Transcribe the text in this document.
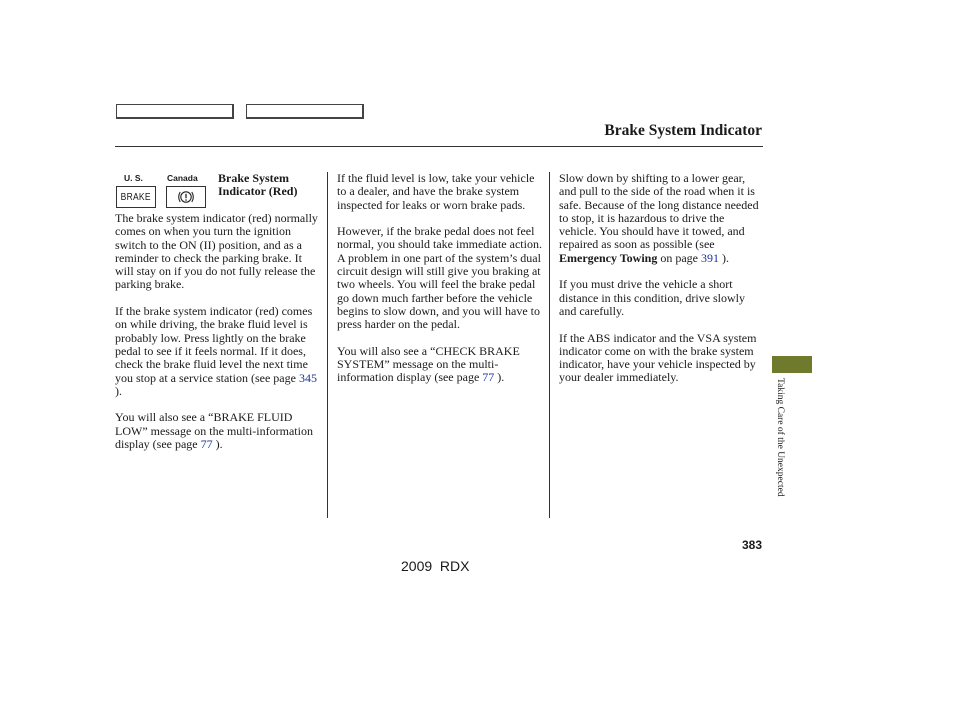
Brake System Indicator
U. S.	Canada
BRAKE
Brake System
Indicator (Red)

The brake system indicator (red) normally comes on when you turn the ignition switch to the ON (II) position, and as a reminder to check the parking brake. It will stay on if you do not fully release the parking brake.

If the brake system indicator (red) comes on while driving, the brake fluid level is probably low. Press lightly on the brake pedal to see if it feels normal. If it does, check the brake fluid level the next time you stop at a service station (see page 345 ).

You will also see a “BRAKE FLUID LOW” message on the multi-information display (see page 77 ).

If the fluid level is low, take your vehicle to a dealer, and have the brake system inspected for leaks or worn brake pads.

However, if the brake pedal does not feel normal, you should take immediate action. A problem in one part of the system’s dual circuit design will still give you braking at two wheels. You will feel the brake pedal go down much farther before the vehicle begins to slow down, and you will have to press harder on the pedal.

You will also see a “CHECK BRAKE SYSTEM” message on the multi-information display (see page 77 ).

Slow down by shifting to a lower gear, and pull to the side of the road when it is safe. Because of the long distance needed to stop, it is hazardous to drive the vehicle. You should have it towed, and repaired as soon as possible (see Emergency Towing on page 391 ).

If you must drive the vehicle a short distance in this condition, drive slowly and carefully.

If the ABS indicator and the VSA system indicator come on with the brake system indicator, have your vehicle inspected by your dealer immediately.

Taking Care of the Unexpected
383
2009  RDX
